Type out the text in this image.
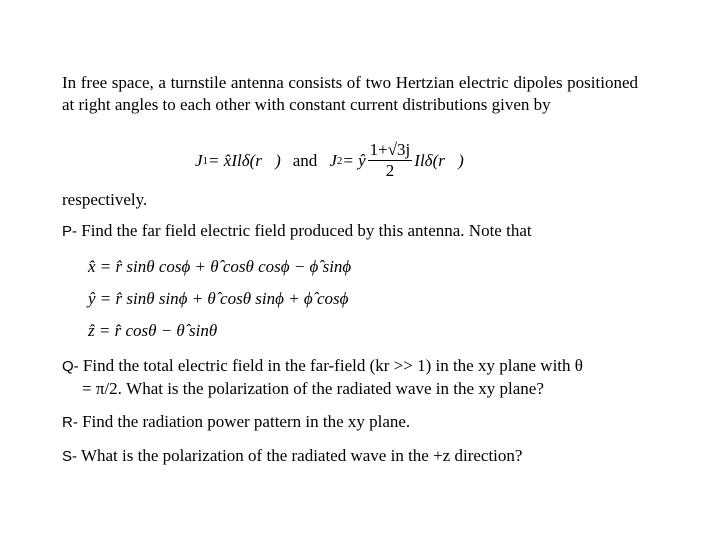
In free space, a turnstile antenna consists of two Hertzian electric dipoles positioned at right angles to each other with constant current distributions given by
J 1 = x̂Ilδ(r⃗) and J 2 = ŷ $\frac{1+√3j}{2}$ Ilδ(r⃗)
respectively.
P- Find the far field electric field produced by this antenna. Note that
x̂ = r̂ sinθ cosϕ + θ̂ cosθ cosϕ − ϕ̂ sinϕ
ŷ = r̂ sinθ sinϕ + θ̂ cosθ sinϕ + ϕ̂ cosϕ
ẑ = r̂ cosθ − θ̂ sinθ
Q- Find the total electric field in the far-field (kr >> 1) in the xy plane with θ
= π/2. What is the polarization of the radiated wave in the xy plane?
R- Find the radiation power pattern in the xy plane.
S- What is the polarization of the radiated wave in the +z direction?
